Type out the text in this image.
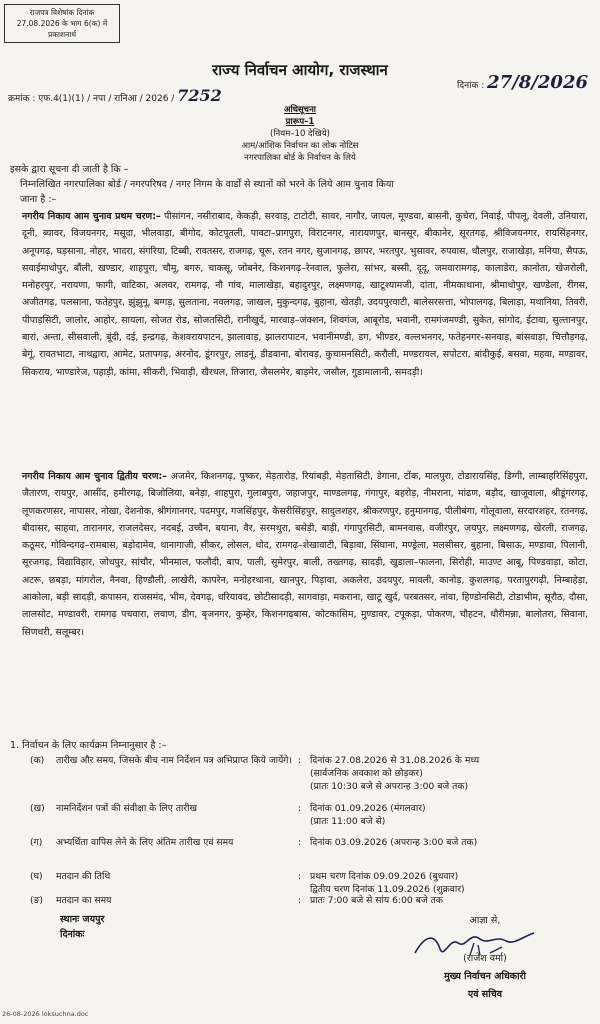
राजपत्र विशेषांक दिनांक
27.08.2026 के भाग 6(क) में
प्रकाशनार्थ
राज्य निर्वाचन आयोग, राजस्थान
क्रमांक : एफ.4(1)(1) / नपा / रानिआ / 2026 / 7252	दिनांक : 27/8/2026
अधिसूचना
प्रारूप–1
(नियम–10 देखिये)
आम/आंशिक निर्वाचन का लोक नोटिस
नगरपालिका बोर्ड के निर्वाचन के लिये

इसके द्वारा सूचना दी जाती है कि –

निम्नलिखित नगरपालिका बोर्ड / नगरपरिषद / नगर निगम के वार्डों से स्थानों को भरने के लिये आम चुनाव किया

जाना है :–

नगरीय निकाय आम चुनाव प्रथम चरण:– पीसांगन, नसीराबाद, केकड़ी, सरवाड़, टाटोटी, सावर, नागौर, जायल, मूण्डवा, बासनी, कुचेरा, निवाई, पीपलू, देवली, उनियारा, दूनी, ब्यावर, विजयनगर, मसूदा, भीलवाड़ा, बीगोद, कोटपूतली, पावटा–प्रागपुरा, विराटनगर, नारायणपुर, बानसूर, बीकानेर, सूरतगढ़, श्रीविजयनगर, रायसिंहनगर, अनूपगढ़, घड़साना, नोहर, भादरा, संगरिया, टिब्बी, रावतसर, राजगढ़, चूरू, रतन नगर, सुजानगढ़, छापर, भरतपुर, भुसावर, रुपवास, धौलपुर, राजाखेड़ा, मनिया, सैपऊ, सवाईमाधोपुर, बौंली, खण्डार, शाहपुरा, चौमू, बगरु, चाकसू, जोबनेर, किशनगढ़–रेनवाल, फुलेरा, सांभर, बस्सी, दूदू, जमवारामगढ़, कालाडेरा, कानोता, खेजरोली, मनोहरपुर, नरायणा, फागी, वाटिका, अलवर, रामगढ़, नौ गांव, मालाखेड़ा, बहादुरपुर, लक्ष्मणगढ़, खाटूश्यामजी, दांता, नीमकाथाना, श्रीमाधोपुर, खण्डेला, रींगस, अजीतगढ़, पलसाना, फतेहपुर, झुंझुनू, बग्गड़, सुलताना, नवलगढ़, जाखल, मुकुन्दगढ़, बुहाना, खेतड़ी, उदयपुरवाटी, बालेसरसत्ता, भोपालगढ़, बिलाड़ा, मथानिया, तिवरी, पीपाड़सिटी, जालोर, आहोर, सायला, सोजत रोड, सोजतसिटी, रानीखुर्द, मारवाड़–जंक्शन, शिवगंज, आबूरोड, भवानी, रामगंजमण्डी, सुकेत, सांगोद, ईटावा, सुल्तानपुर, बारां, अन्ता, सीसवाली, बूंदी, दई, इन्द्रगढ़, केशवरायपाटन, झालावाड़, झालरापाटन, भवानीमण्डी, डग, भीण्डर, वल्लभनगर, फतेहनगर–सनवाड़, बांसवाड़ा, चित्तौड़गढ़, बेगूं, रावतभाटा, नाथद्वारा, आमेट, प्रतापगढ़, अरनोद, डूंगरपुर, लाडनूं, डीडवाना, बोरावड़, कुचामनसिटी, करौली, मण्डरायल, सपोटरा, बांदीकुई, बसवा, महवा, मण्डावर, सिकराय, भाण्डारेज, पहाड़ी, कांमा, सीकरी, भिवाड़ी, खैरथल, तिजारा, जैसलमेर, बाड़मेर, जसौल, गुडामालानी, समदड़ी।
नगरीय निकाय आम चुनाव द्वितीय चरण:– अजमेर, किशनगढ़, पुष्कर, मेड़तारोड़, रियांबड़ी, मेड़तासिटी, डेगाना, टोंक, मालपुरा, टोडारायसिंह, डिग्गी, लाम्बाहरिसिंहपुरा, जैतारण, रायपुर, आसींद, हमीरगढ़, बिजोलिया, बनेड़ा, शाहपुरा, गुलाबपुरा, जहाजपुर, माण्डलगढ़, गंगापुर, बहरोड़, नीमराना, मांढण, बड़ौद, खाजूवाला, श्रीडूंगरगढ़, लूणकरणसर, नापासर, नोखा, देशनोक, श्रीगंगानगर, पदमपुर, गजसिंहपुर, केसरीसिंहपुर, सादुलशहर, श्रीकरणपुर, हनुमानगढ़, पीलीबंगा, गोलूवाला, सरदारशहर, रतनगढ़, बीदासर, साहवा, तारानगर, राजलदेसर, नदबई, उच्चैन, बयाना, वैर, सरमथुरा, बसेड़ी, बाड़ी, गंगापुरसिटी, बामनवास, वजीरपुर, जयपुर, लक्ष्मणगढ़, खेरली, राजगढ़, कठूमर, गोविन्दगढ़–रामबास, बड़ोदामेव, थानागाजी, सीकर, लोसल, धोद, रामगढ़–शेखावाटी, बिड़ावा, सिंघाना, मण्ड्रेला, मलसीसर, बुहाना, बिसाऊ, मण्डावा, पिलानी, सूरजगढ़, विद्याविहार, जोधपुर, सांचौर, भीनमाल, फलौदी, बाप, पाली, सुमेरपुर, बाली, तख्तगढ़, सादड़ी, खुडाला–फालना, सिरोही, माउण्ट आबू, पिण्डवाड़ा, कोटा, अटरू, छबड़ा, मांगरोल, नैनवा, हिण्डौली, लाखेरी, कापरेन, मनोहरथाना, खानपुर, पिड़ावा, अकलेरा, उदयपुर, मावली, कानोड़, कुशलगढ़, परतापुरगढ़ी, निम्बाहेड़ा, आकोला, बड़ी सादड़ी, कपासन, राजसमंद, भीम, देवगढ़, धरियावद, छोटीसादड़ी, सागवाड़ा, मकराना, खाटू खुर्द, परबतसर, नांवा, हिण्डोनसिटी, टोडाभीम, सूरौठ, दौसा, लालसोट, मण्डावरी, रामगढ़ पचवारा, लवाण, डीग, बृजनगर, कुम्हेर, किशनगढ़बास, कोटकासिम, मुण्डावर, टपूकड़ा, पोकरण, चौहटन, धौरीमन्ना, बालोतरा, सिवाना, सिणधरी, सलूम्बर।
1. निर्वाचन के लिए कार्यक्रम निम्नानुसार है :–
(क)	तारीख और समय, जिसके बीच नाम निर्देशन पत्र अभिप्राप्त किये जायेंगे। : दिनांक 27.08.2026 से 31.08.2026 के मध्य
(सार्वजनिक अवकाश को छोड़कर)
(प्रातः 10:30 बजे से अपरान्ह 3:00 बजे तक)
(ख)	नामनिर्देशन पत्रों की संवीक्षा के लिए तारीख	: दिनांक 01.09.2026 (मंगलवार)
(प्रातः 11:00 बजे से)
(ग)	अभ्यर्थिता वापिस लेने के लिए अंतिम तारीख एवं समय	: दिनांक 03.09.2026 (अपरान्ह 3:00 बजे तक)
(घ)	मतदान की तिथि	: प्रथम चरण दिनांक 09.09.2026 (बुधवार)
द्वितीय चरण दिनांक 11.09.2026 (शुक्रवार)
(ङ)	मतदान का समय	: प्रातः 7:00 बजे से सांय 6:00 बजे तक
स्थानः जयपुर
दिनांकः
आज्ञा से,
(राजेश वर्मा)
मुख्य निर्वाचन अधिकारी
एवं सचिव
26-08-2026 loksuchna.doc
